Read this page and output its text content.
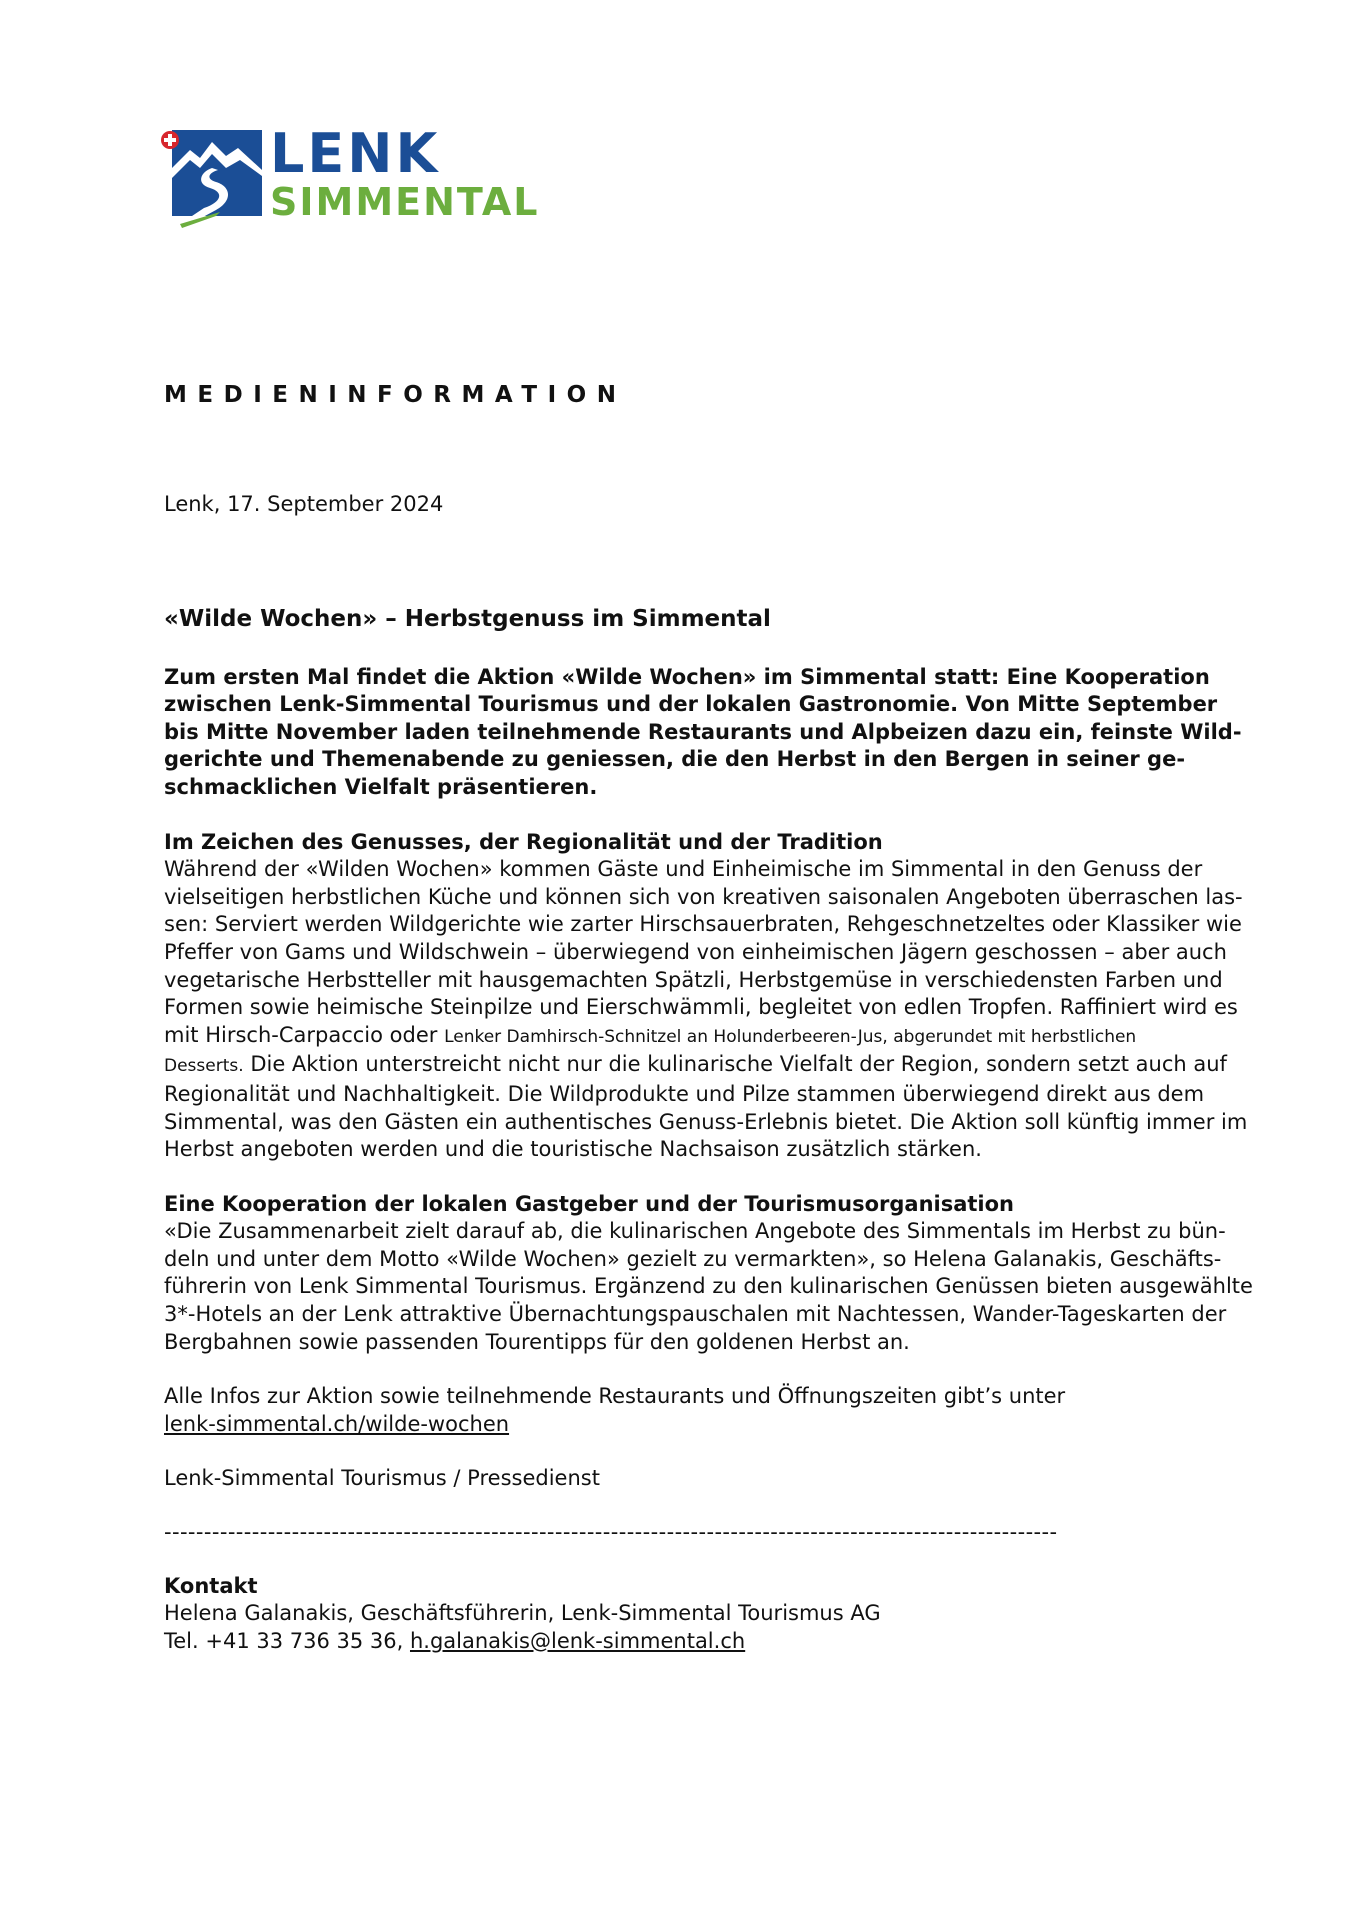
LENK
SIMMENTAL
MEDIENINFORMATION
Lenk, 17. September 2024
«Wilde Wochen» – Herbstgenuss im Simmental
Zum ersten Mal findet die Aktion «Wilde Wochen» im Simmental statt: Eine Kooperation
zwischen Lenk-Simmental Tourismus und der lokalen Gastronomie. Von Mitte September
bis Mitte November laden teilnehmende Restaurants und Alpbeizen dazu ein, feinste Wild-
gerichte und Themenabende zu geniessen, die den Herbst in den Bergen in seiner ge-
schmacklichen Vielfalt präsentieren.
Im Zeichen des Genusses, der Regionalität und der Tradition
Während der «Wilden Wochen» kommen Gäste und Einheimische im Simmental in den Genuss der
vielseitigen herbstlichen Küche und können sich von kreativen saisonalen Angeboten überraschen las-
sen: Serviert werden Wildgerichte wie zarter Hirschsauerbraten, Rehgeschnetzeltes oder Klassiker wie
Pfeffer von Gams und Wildschwein – überwiegend von einheimischen Jägern geschossen – aber auch
vegetarische Herbstteller mit hausgemachten Spätzli, Herbstgemüse in verschiedensten Farben und
Formen sowie heimische Steinpilze und Eierschwämmli, begleitet von edlen Tropfen. Raffiniert wird es
mit Hirsch-Carpaccio oder Lenker Damhirsch-Schnitzel an Holunderbeeren-Jus, abgerundet mit herbstlichen
Desserts. Die Aktion unterstreicht nicht nur die kulinarische Vielfalt der Region, sondern setzt auch auf
Regionalität und Nachhaltigkeit. Die Wildprodukte und Pilze stammen überwiegend direkt aus dem
Simmental, was den Gästen ein authentisches Genuss-Erlebnis bietet. Die Aktion soll künftig immer im
Herbst angeboten werden und die touristische Nachsaison zusätzlich stärken.
Eine Kooperation der lokalen Gastgeber und der Tourismusorganisation
«Die Zusammenarbeit zielt darauf ab, die kulinarischen Angebote des Simmentals im Herbst zu bün-
deln und unter dem Motto «Wilde Wochen» gezielt zu vermarkten», so Helena Galanakis, Geschäfts-
führerin von Lenk Simmental Tourismus. Ergänzend zu den kulinarischen Genüssen bieten ausgewählte
3*-Hotels an der Lenk attraktive Übernachtungspauschalen mit Nachtessen, Wander-Tageskarten der
Bergbahnen sowie passenden Tourentipps für den goldenen Herbst an.
Alle Infos zur Aktion sowie teilnehmende Restaurants und Öffnungszeiten gibt’s unter
lenk-simmental.ch/wilde-wochen
Lenk-Simmental Tourismus / Pressedienst
----------------------------------------------------------------------------------------------------------------
Kontakt
Helena Galanakis, Geschäftsführerin, Lenk-Simmental Tourismus AG
Tel. +41 33 736 35 36, h.galanakis@lenk-simmental.ch
